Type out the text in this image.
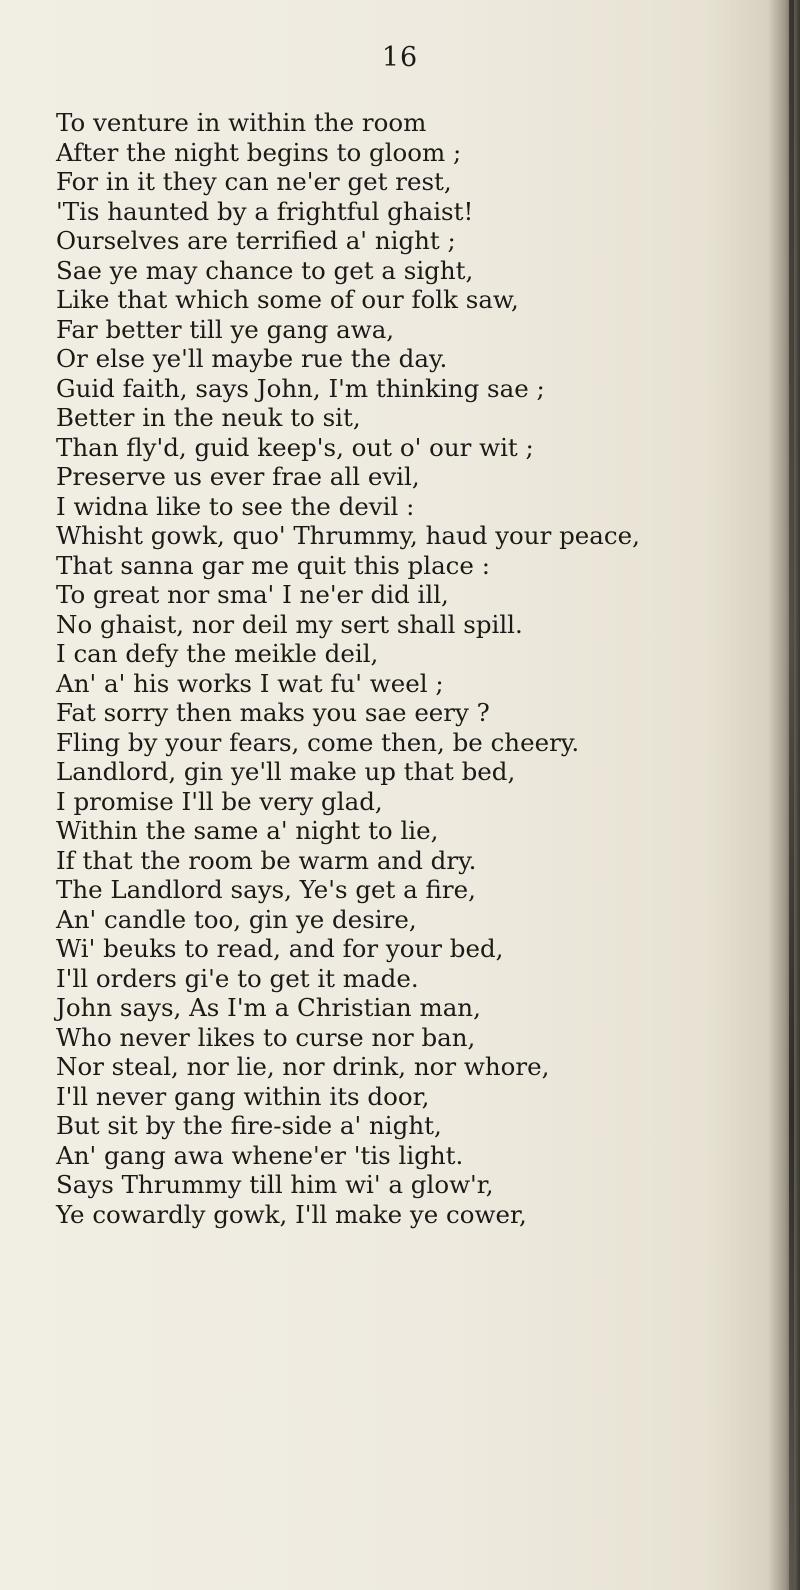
16
To venture in within the room
After the night begins to gloom ;
For in it they can ne'er get rest,
'Tis haunted by a frightful ghaist!
Ourselves are terrified a' night ;
Sae ye may chance to get a sight,
Like that which some of our folk saw,
Far better till ye gang awa,
Or else ye'll maybe rue the day.
Guid faith, says John, I'm thinking sae ;
Better in the neuk to sit,
Than fly'd, guid keep's, out o' our wit ;
Preserve us ever frae all evil,
I widna like to see the devil :
Whisht gowk, quo' Thrummy, haud your peace,
That sanna gar me quit this place :
To great nor sma' I ne'er did ill,
No ghaist, nor deil my sert shall spill.
I can defy the meikle deil,
An' a' his works I wat fu' weel ;
Fat sorry then maks you sae eery ?
Fling by your fears, come then, be cheery.
Landlord, gin ye'll make up that bed,
I promise I'll be very glad,
Within the same a' night to lie,
If that the room be warm and dry.
The Landlord says, Ye's get a fire,
An' candle too, gin ye desire,
Wi' beuks to read, and for your bed,
I'll orders gi'e to get it made.
John says, As I'm a Christian man,
Who never likes to curse nor ban,
Nor steal, nor lie, nor drink, nor whore,
I'll never gang within its door,
But sit by the fire-side a' night,
An' gang awa whene'er 'tis light.
Says Thrummy till him wi' a glow'r,
Ye cowardly gowk, I'll make ye cower,
